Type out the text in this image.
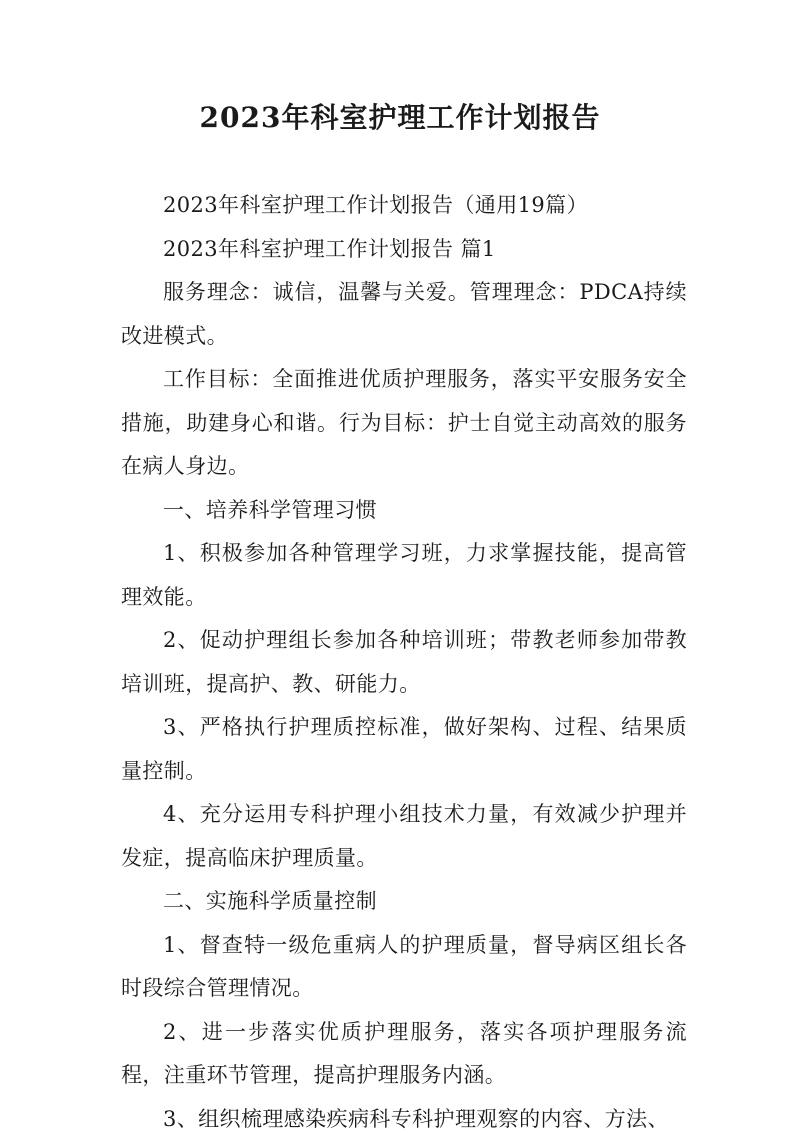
2023年科室护理工作计划报告

2023年科室护理工作计划报告（通用19篇）

2023年科室护理工作计划报告 篇1

服务理念：诚信，温馨与关爱。管理理念：PDCA持续改进模式。

工作目标：全面推进优质护理服务，落实平安服务安全措施，助建身心和谐。行为目标：护士自觉主动高效的服务在病人身边。

一、培养科学管理习惯

1、积极参加各种管理学习班，力求掌握技能，提高管理效能。

2、促动护理组长参加各种培训班；带教老师参加带教培训班，提高护、教、研能力。

3、严格执行护理质控标准，做好架构、过程、结果质量控制。

4、充分运用专科护理小组技术力量，有效减少护理并发症，提高临床护理质量。

二、实施科学质量控制

1、督查特一级危重病人的护理质量，督导病区组长各时段综合管理情况。

2、进一步落实优质护理服务，落实各项护理服务流程，注重环节管理，提高护理服务内涵。

3、组织梳理感染疾病科专科护理观察的内容、方法、
